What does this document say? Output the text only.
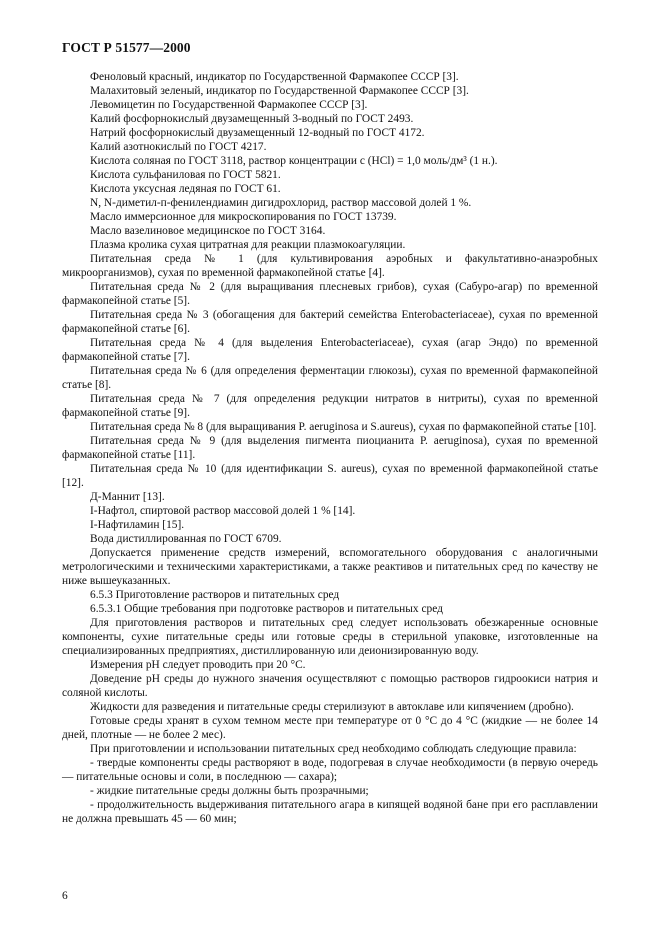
ГОСТ Р 51577—2000

Феноловый красный, индикатор по Государственной Фармакопее СССР [3].

Малахитовый зеленый, индикатор по Государственной Фармакопее СССР [3].

Левомицетин по Государственной Фармакопее СССР [3].

Калий фосфорнокислый двузамещенный 3-водный по ГОСТ 2493.

Натрий фосфорнокислый двузамещенный 12-водный по ГОСТ 4172.

Калий азотнокислый по ГОСТ 4217.

Кислота соляная по ГОСТ 3118, раствор концентрации с (HCl) = 1,0 моль/дм³ (1 н.).

Кислота сульфаниловая по ГОСТ 5821.

Кислота уксусная ледяная по ГОСТ 61.

N, N-диметил-п-фенилендиамин дигидрохлорид, раствор массовой долей 1 %.

Масло иммерсионное для микроскопирования по ГОСТ 13739.

Масло вазелиновое медицинское по ГОСТ 3164.

Плазма кролика сухая цитратная для реакции плазмокоагуляции.

Питательная среда № 1 (для культивирования аэробных и факультативно-анаэробных микроорганизмов), сухая по временной фармакопейной статье [4].

Питательная среда № 2 (для выращивания плесневых грибов), сухая (Сабуро-агар) по временной фармакопейной статье [5].

Питательная среда № 3 (обогащения для бактерий семейства Enterobacteriaceae), сухая по временной фармакопейной статье [6].

Питательная среда № 4 (для выделения Enterobacteriaceae), сухая (агар Эндо) по временной фармакопейной статье [7].

Питательная среда № 6 (для определения ферментации глюкозы), сухая по временной фармакопейной статье [8].

Питательная среда № 7 (для определения редукции нитратов в нитриты), сухая по временной фармакопейной статье [9].

Питательная среда № 8 (для выращивания P. aeruginosa и S.aureus), сухая по фармакопейной статье [10].

Питательная среда № 9 (для выделения пигмента пиоцианита P. aeruginosa), сухая по временной фармакопейной статье [11].

Питательная среда № 10 (для идентификации S. aureus), сухая по временной фармакопейной статье [12].

Д-Маннит [13].

I-Нафтол, спиртовой раствор массовой долей 1 % [14].

I-Нафтиламин [15].

Вода дистиллированная по ГОСТ 6709.

Допускается применение средств измерений, вспомогательного оборудования с аналогичными метрологическими и техническими характеристиками, а также реактивов и питательных сред по качеству не ниже вышеуказанных.

6.5.3 Приготовление растворов и питательных сред

6.5.3.1 Общие требования при подготовке растворов и питательных сред

Для приготовления растворов и питательных сред следует использовать обезжаренные основные компоненты, сухие питательные среды или готовые среды в стерильной упаковке, изготовленные на специализированных предприятиях, дистиллированную или деионизированную воду.

Измерения pH следует проводить при 20 °С.

Доведение pH среды до нужного значения осуществляют с помощью растворов гидроокиси натрия и соляной кислоты.

Жидкости для разведения и питательные среды стерилизуют в автоклаве или кипячением (дробно).

Готовые среды хранят в сухом темном месте при температуре от 0 °С до 4 °С (жидкие — не более 14 дней, плотные — не более 2 мес).

При приготовлении и использовании питательных сред необходимо соблюдать следующие правила:

- твердые компоненты среды растворяют в воде, подогревая в случае необходимости (в первую очередь — питательные основы и соли, в последнюю — сахара);

- жидкие питательные среды должны быть прозрачными;

- продолжительность выдерживания питательного агара в кипящей водяной бане при его расплавлении не должна превышать 45 — 60 мин;

6
